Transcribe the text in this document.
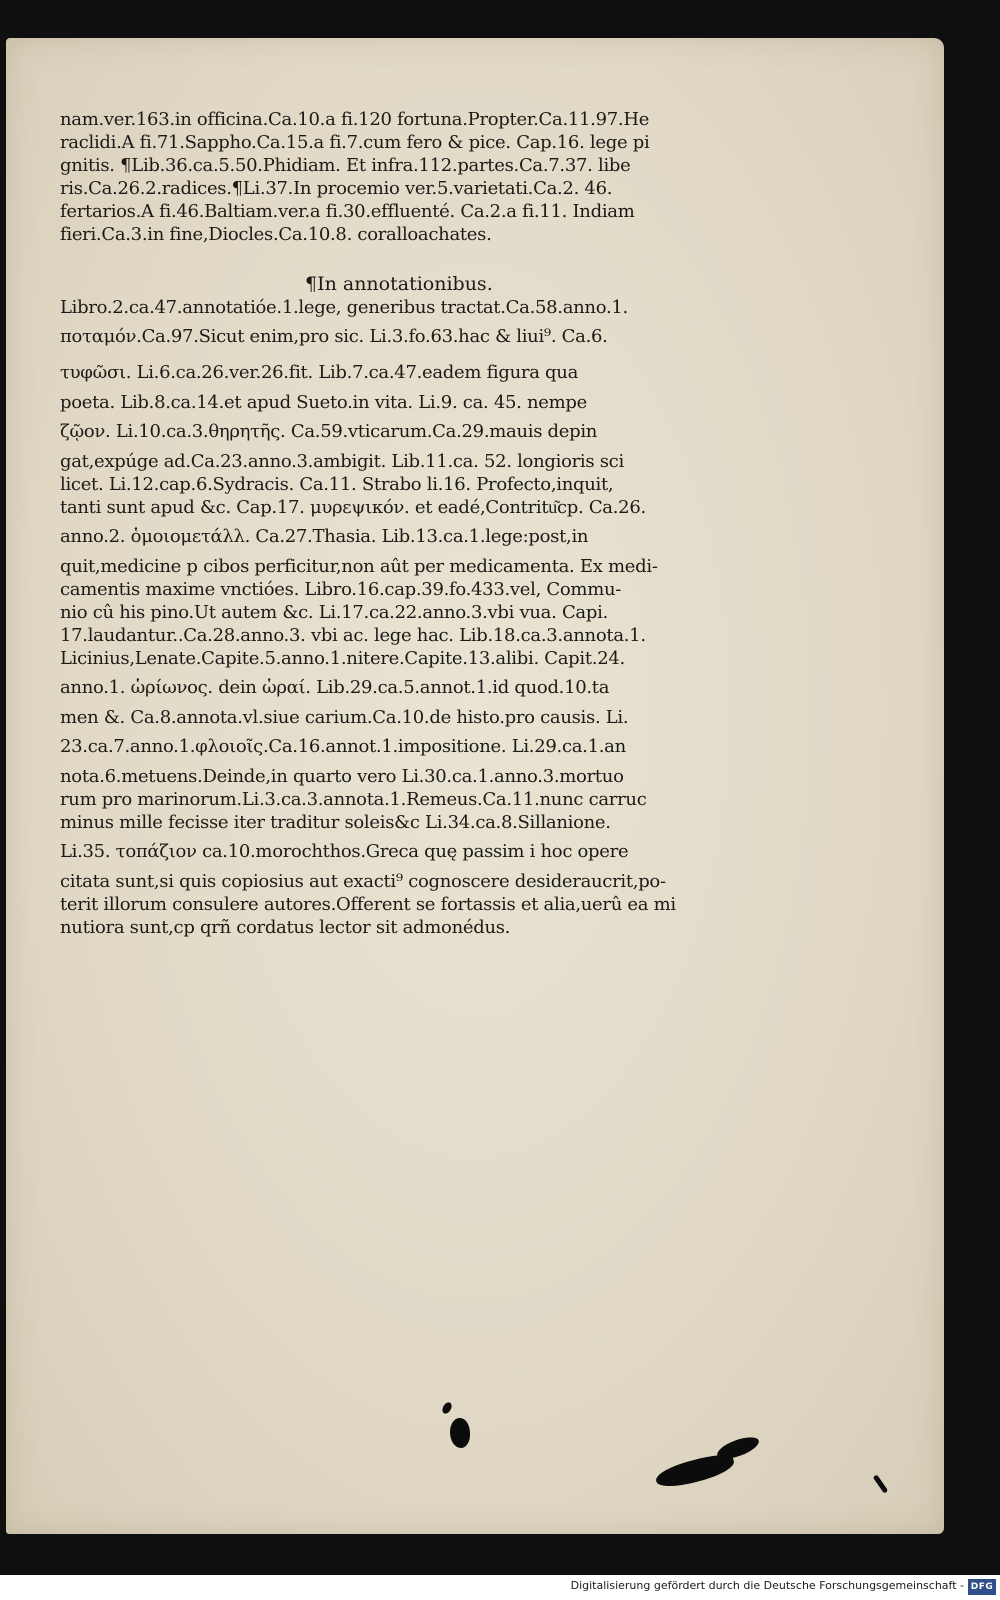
nam.ver.163.in officina.Ca.10.a fi.120 fortuna.Propter.Ca.11.97.He
raclidi.A fi.71.Sappho.Ca.15.a fi.7.cum fero & pice. Cap.16. lege pi
gnitis. ¶Lib.36.ca.5.50.Phidiam. Et infra.112.partes.Ca.7.37. libe
ris.Ca.26.2.radices.¶Li.37.In procemio ver.5.varietati.Ca.2. 46.
fertarios.A fi.46.Baltiam.ver.a fi.30.effluenté. Ca.2.a fi.11. Indiam
fieri.Ca.3.in fine,Diocles.Ca.10.8. coralloachates.
¶In annotationibus.
Libro.2.ca.47.annotatióe.1.lege, generibus tractat.Ca.58.anno.1.
ποταμόν.Ca.97.Sicut enim,pro sic. Li.3.fo.63.hac & liui⁹. Ca.6.
τυφῶσι. Li.6.ca.26.ver.26.fit. Lib.7.ca.47.eadem figura qua
poeta. Lib.8.ca.14.et apud Sueto.in vita. Li.9. ca. 45. nempe
ζῷον. Li.10.ca.3.θηρητῆς. Ca.59.vticarum.Ca.29.mauis depin
gat,expúge ad.Ca.23.anno.3.ambigit. Lib.11.ca. 52. longioris sci
licet. Li.12.cap.6.Sydracis. Ca.11. Strabo li.16. Profecto,inquit,
tanti sunt apud &c. Cap.17. μυρεψικόν. et eadé,Contritu͂cp. Ca.26.
anno.2. ὁμοιομετάλλ. Ca.27.Thasia. Lib.13.ca.1.lege:post,in
quit,medicine p cibos perficitur,non aût per medicamenta. Ex medi-
camentis maxime vnctióes. Libro.16.cap.39.fo.433.vel, Commu-
nio cû his pino.Ut autem &c. Li.17.ca.22.anno.3.vbi vua. Capi.
17.laudantur..Ca.28.anno.3. vbi ac. lege hac. Lib.18.ca.3.annota.1.
Licinius,Lenate.Capite.5.anno.1.nitere.Capite.13.alibi. Capit.24.
anno.1. ὡρίωνος. dein ὡραί. Lib.29.ca.5.annot.1.id quod.10.ta
men &. Ca.8.annota.vl.siue carium.Ca.10.de histo.pro causis. Li.
23.ca.7.anno.1.φλοιοῖς.Ca.16.annot.1.impositione. Li.29.ca.1.an
nota.6.metuens.Deinde,in quarto vero Li.30.ca.1.anno.3.mortuo
rum pro marinorum.Li.3.ca.3.annota.1.Remeus.Ca.11.nunc carruc
minus mille fecisse iter traditur soleis&c Li.34.ca.8.Sillanione.
Li.35. τοπάζιον ca.10.morochthos.Greca quę passim i hoc opere
citata sunt,si quis copiosius aut exacti⁹ cognoscere desideraucrit,po-
terit illorum consulere autores.Offerent se fortassis et alia,uerû ea mi
nutiora sunt,cp qrñ cordatus lector sit admonédus.
Digitalisierung gefördert durch die Deutsche Forschungsgemeinschaft - DFG
